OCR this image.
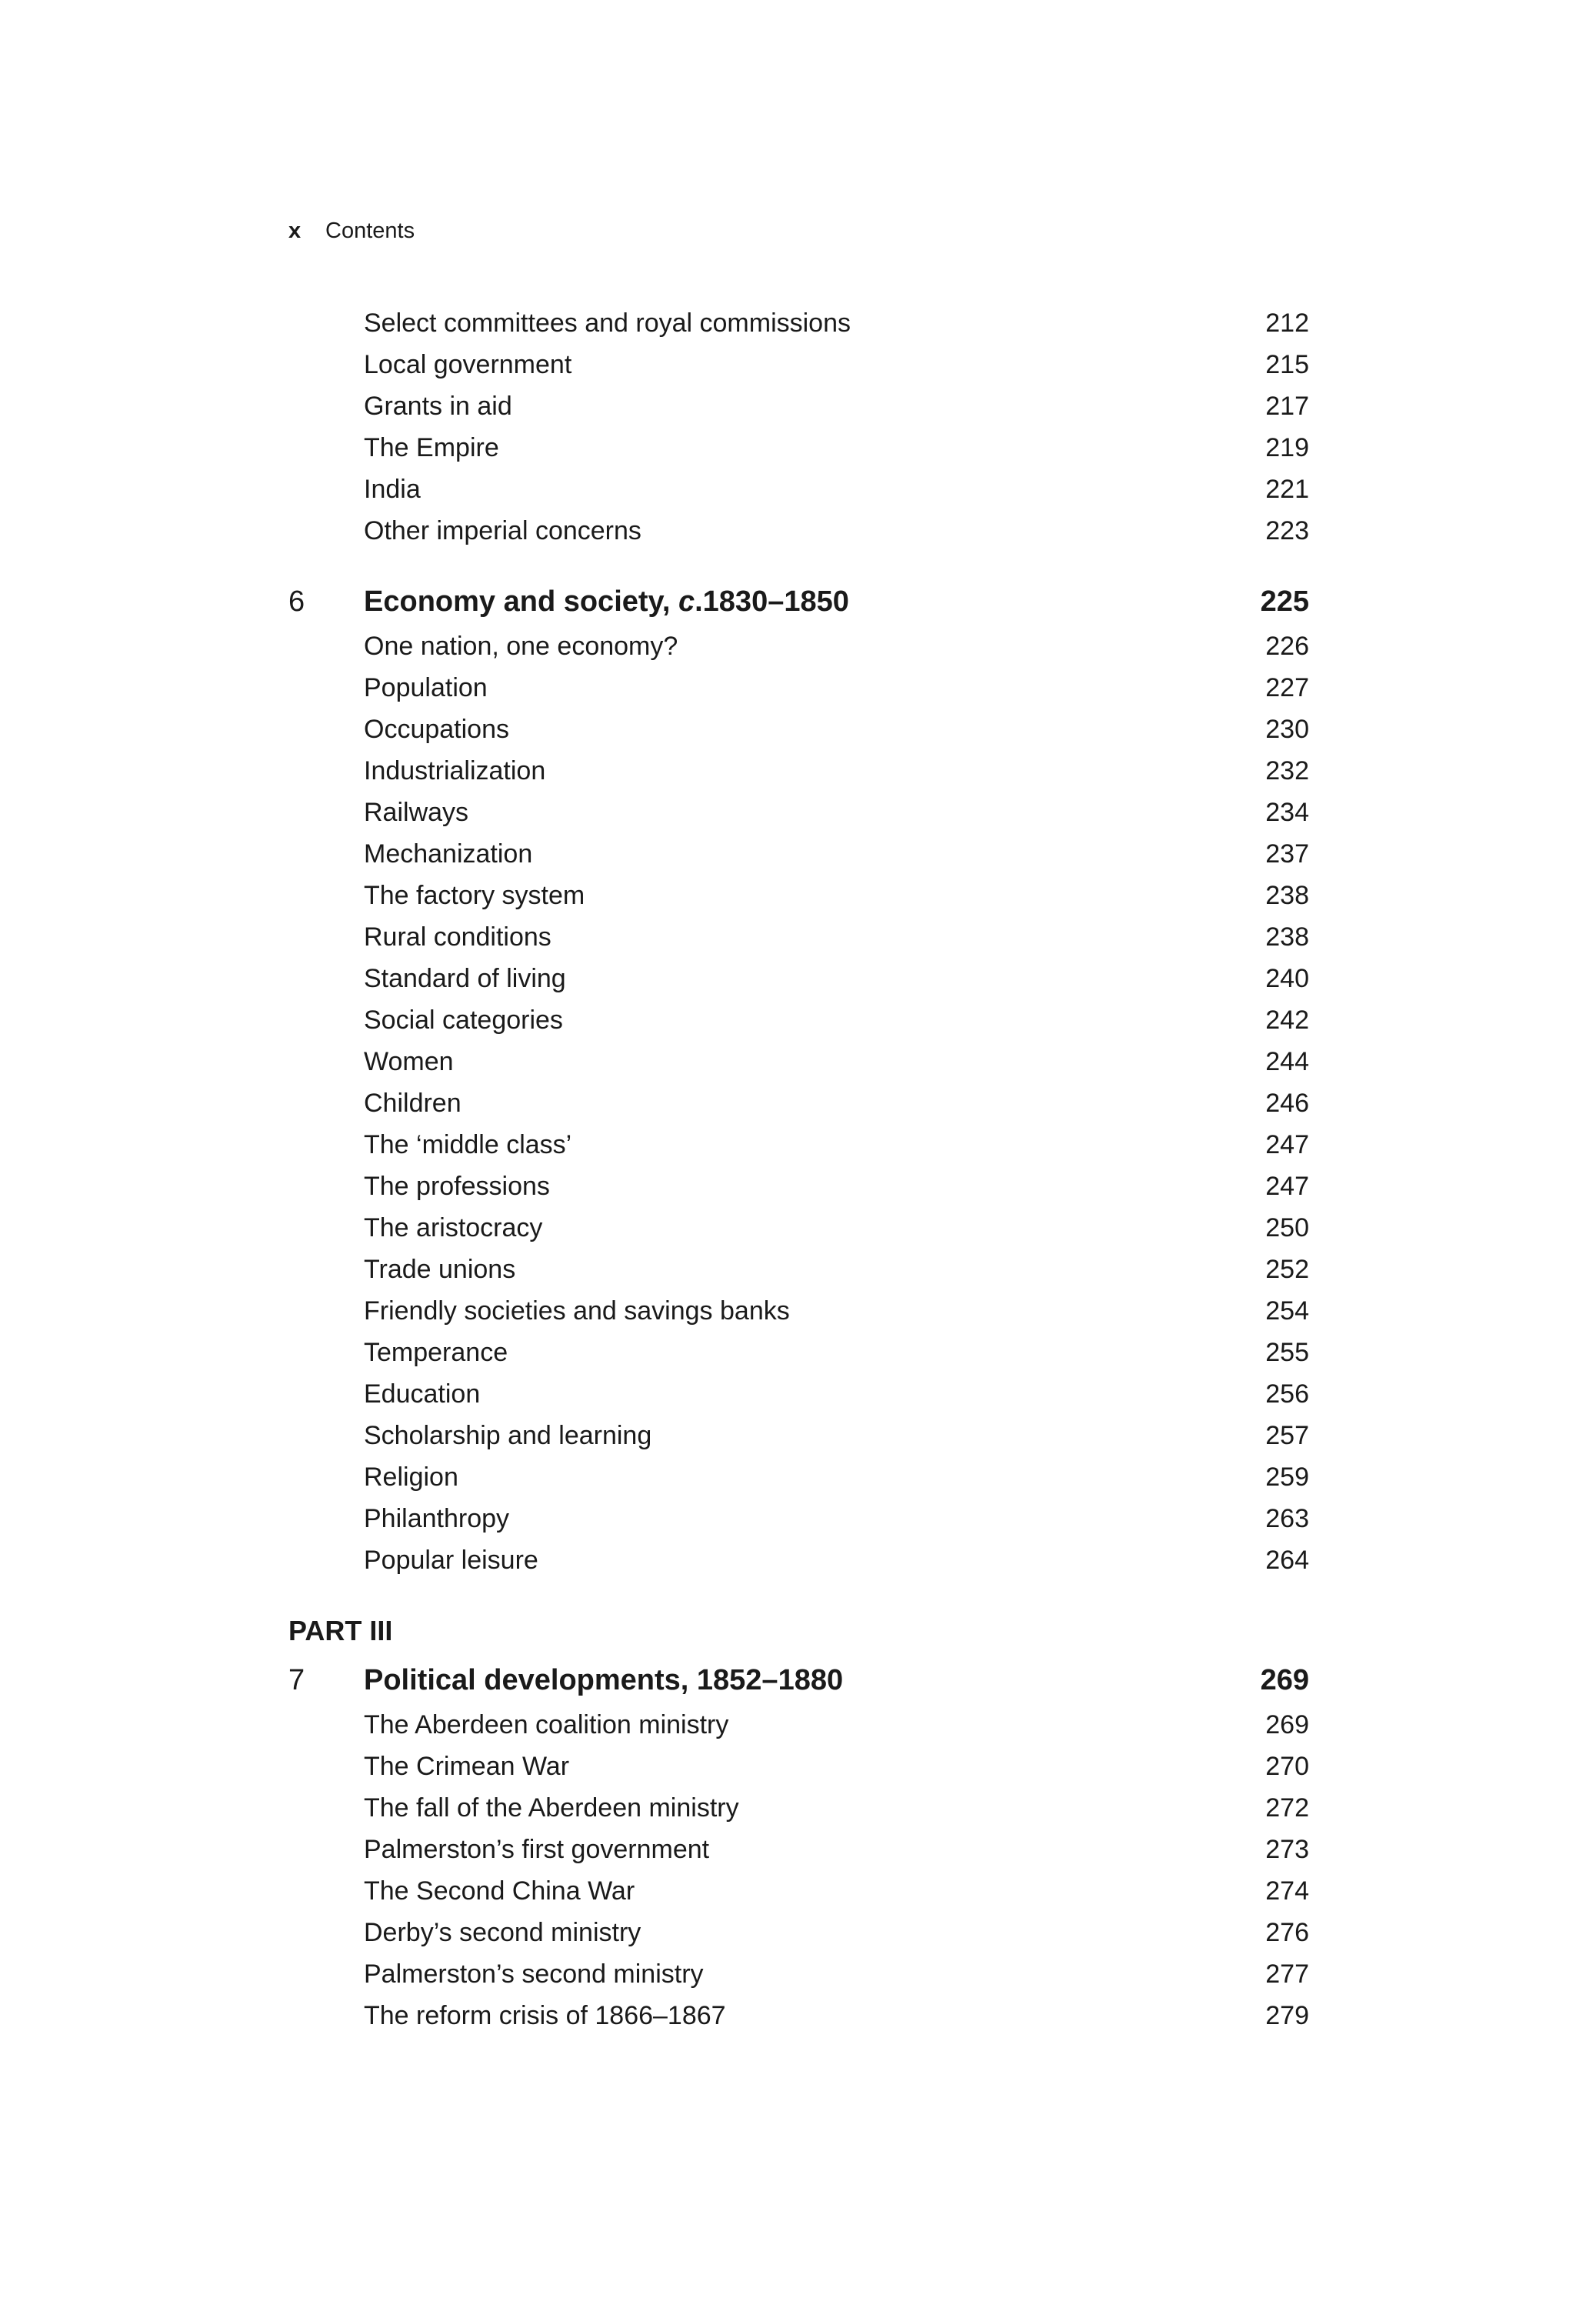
x Contents
Select committees and royal commissions	212
Local government	215
Grants in aid	217
The Empire	219
India	221
Other imperial concerns	223
6 Economy and society, c.1830–1850	225
One nation, one economy?	226
Population	227
Occupations	230
Industrialization	232
Railways	234
Mechanization	237
The factory system	238
Rural conditions	238
Standard of living	240
Social categories	242
Women	244
Children	246
The ‘middle class’	247
The professions	247
The aristocracy	250
Trade unions	252
Friendly societies and savings banks	254
Temperance	255
Education	256
Scholarship and learning	257
Religion	259
Philanthropy	263
Popular leisure	264
PART III
7 Political developments, 1852–1880	269
The Aberdeen coalition ministry	269
The Crimean War	270
The fall of the Aberdeen ministry	272
Palmerston’s first government	273
The Second China War	274
Derby’s second ministry	276
Palmerston’s second ministry	277
The reform crisis of 1866–1867	279
